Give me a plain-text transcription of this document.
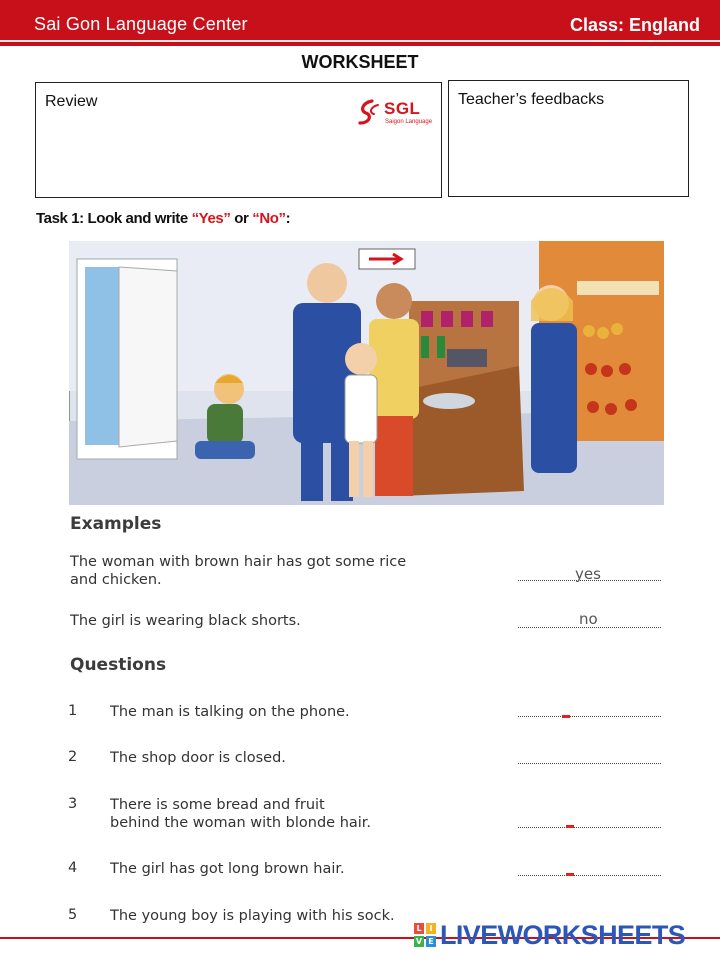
Sai Gon Language Center	Class: England
WORKSHEET
Review	SGL
Saigon Language
Teacher’s feedbacks
Task 1: Look and write “Yes” or “No”:
Examples
The woman with brown hair has got some rice
and chicken.	yes
The girl is wearing black shorts.	no
Questions
1 The man is talking on the phone.
2 The shop door is closed.
3 There is some bread and fruit
behind the woman with blonde hair.
4 The girl has got long brown hair.
5 The young boy is playing with his sock.
L I
V E LIVEWORKSHEETS
